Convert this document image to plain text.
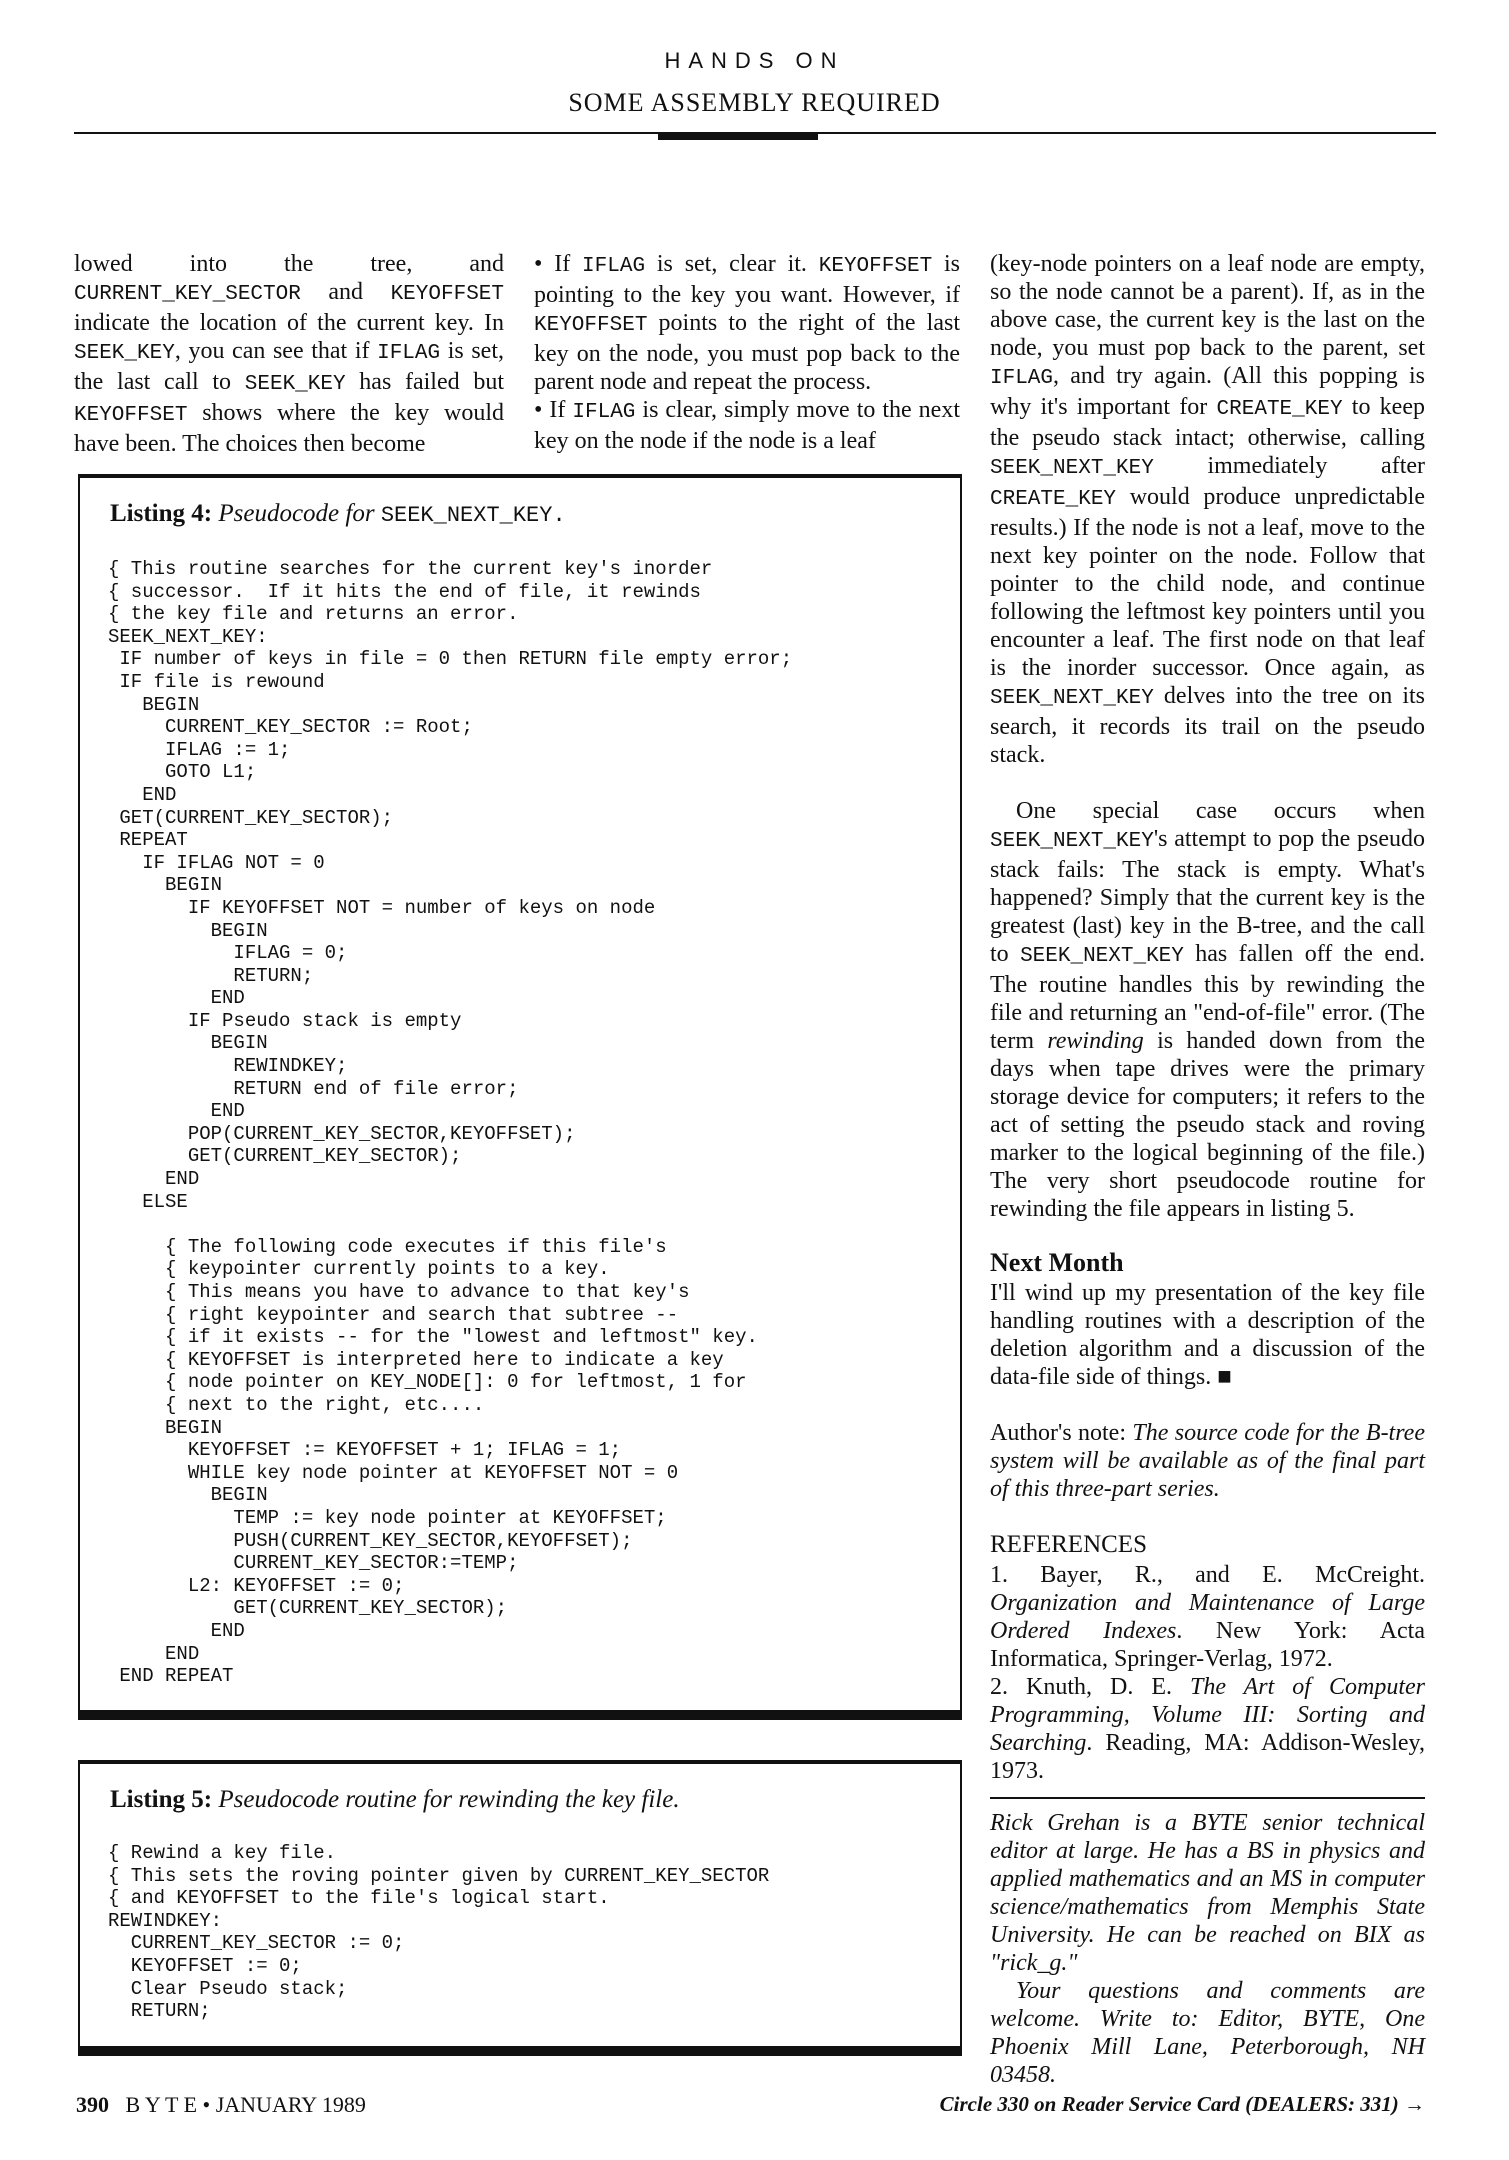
HANDS ON
SOME ASSEMBLY REQUIRED

lowed into the tree, and CURRENT_KEY_SECTOR and KEYOFFSET indicate the location of the current key. In SEEK_KEY, you can see that if IFLAG is set, the last call to SEEK_KEY has failed but KEYOFFSET shows where the key would have been. The choices then become

• If IFLAG is set, clear it. KEYOFFSET is pointing to the key you want. However, if KEYOFFSET points to the right of the last key on the node, you must pop back to the parent node and repeat the process.

• If IFLAG is clear, simply move to the next key on the node if the node is a leaf

Listing 4: Pseudocode for SEEK_NEXT_KEY.
{ This routine searches for the current key's inorder
{ successor.  If it hits the end of file, it rewinds
{ the key file and returns an error.
SEEK_NEXT_KEY:
IF number of keys in file = 0 then RETURN file empty error;
IF file is rewound
BEGIN
CURRENT_KEY_SECTOR := Root;
IFLAG := 1;
GOTO L1;
END
GET(CURRENT_KEY_SECTOR);
REPEAT
IF IFLAG NOT = 0
BEGIN
IF KEYOFFSET NOT = number of keys on node
BEGIN
IFLAG = 0;
RETURN;
END
IF Pseudo stack is empty
BEGIN
REWINDKEY;
RETURN end of file error;
END
POP(CURRENT_KEY_SECTOR,KEYOFFSET);
GET(CURRENT_KEY_SECTOR);
END
ELSE

{ The following code executes if this file's
{ keypointer currently points to a key.
{ This means you have to advance to that key's
{ right keypointer and search that subtree --
{ if it exists -- for the "lowest and leftmost" key.
{ KEYOFFSET is interpreted here to indicate a key
{ node pointer on KEY_NODE[]: 0 for leftmost, 1 for
{ next to the right, etc....
BEGIN
KEYOFFSET := KEYOFFSET + 1; IFLAG = 1;
WHILE key node pointer at KEYOFFSET NOT = 0
BEGIN
TEMP := key node pointer at KEYOFFSET;
PUSH(CURRENT_KEY_SECTOR,KEYOFFSET);
CURRENT_KEY_SECTOR:=TEMP;
L2: KEYOFFSET := 0;
GET(CURRENT_KEY_SECTOR);
END
END
END REPEAT
Listing 5: Pseudocode routine for rewinding the key file.
{ Rewind a key file.
{ This sets the roving pointer given by CURRENT_KEY_SECTOR
{ and KEYOFFSET to the file's logical start.
REWINDKEY:
CURRENT_KEY_SECTOR := 0;
KEYOFFSET := 0;
Clear Pseudo stack;
RETURN;

(key-node pointers on a leaf node are empty, so the node cannot be a parent). If, as in the above case, the current key is the last on the node, you must pop back to the parent, set IFLAG, and try again. (All this popping is why it's important for CREATE_KEY to keep the pseudo stack intact; otherwise, calling SEEK_NEXT_KEY immediately after CREATE_KEY would produce unpredictable results.) If the node is not a leaf, move to the next key pointer on the node. Follow that pointer to the child node, and continue following the leftmost key pointers until you encounter a leaf. The first node on that leaf is the inorder successor. Once again, as SEEK_NEXT_KEY delves into the tree on its search, it records its trail on the pseudo stack.

One special case occurs when SEEK_NEXT_KEY's attempt to pop the pseudo stack fails: The stack is empty. What's happened? Simply that the current key is the greatest (last) key in the B-tree, and the call to SEEK_NEXT_KEY has fallen off the end. The routine handles this by rewinding the file and returning an "end-of-file" error. (The term rewinding is handed down from the days when tape drives were the primary storage device for computers; it refers to the act of setting the pseudo stack and roving marker to the logical beginning of the file.) The very short pseudocode routine for rewinding the file appears in listing 5.

Next Month

I'll wind up my presentation of the key file handling routines with a description of the deletion algorithm and a discussion of the data-file side of things. ■

Author's note: The source code for the B-tree system will be available as of the final part of this three-part series.

REFERENCES

1. Bayer, R., and E. McCreight. Organization and Maintenance of Large Ordered Indexes. New York: Acta Informatica, Springer-Verlag, 1972.

2. Knuth, D. E. The Art of Computer Programming, Volume III: Sorting and Searching. Reading, MA: Addison-Wesley, 1973.

Rick Grehan is a BYTE senior technical editor at large. He has a BS in physics and applied mathematics and an MS in computer science/mathematics from Memphis State University. He can be reached on BIX as "rick_g."

Your questions and comments are welcome. Write to: Editor, BYTE, One Phoenix Mill Lane, Peterborough, NH 03458.

390 B Y T E • JANUARY 1989	Circle 330 on Reader Service Card (DEALERS: 331) →
